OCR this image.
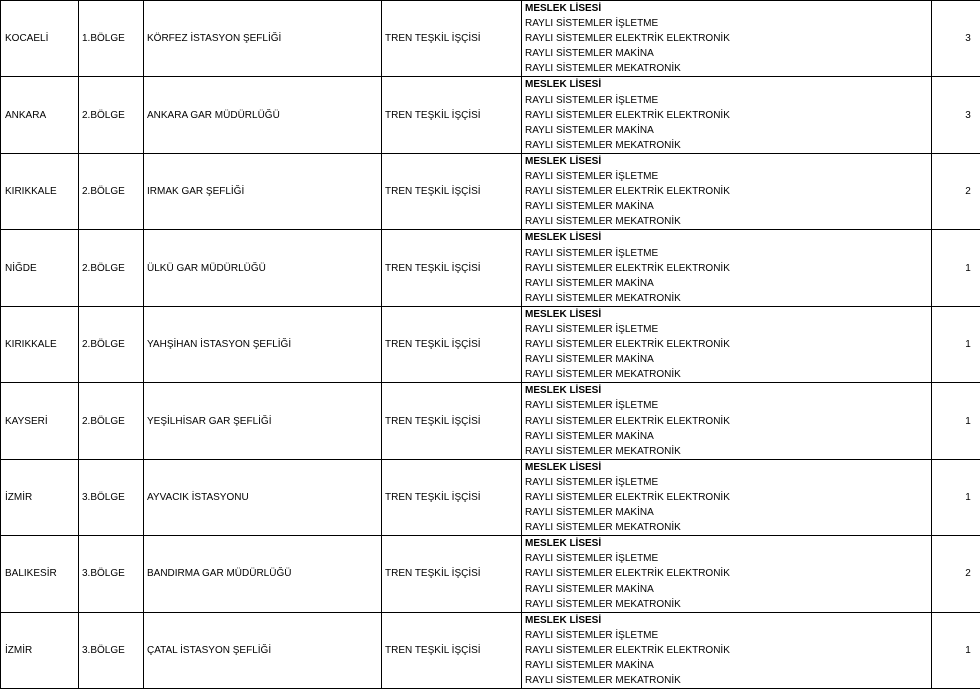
KOCAELİ	1.BÖLGE	KÖRFEZ İSTASYON ŞEFLİĞİ	TREN TEŞKİL İŞÇİSİ	MESLEK LİSESİ
RAYLI SİSTEMLER İŞLETME
RAYLI SİSTEMLER ELEKTRİK ELEKTRONİK
RAYLI SİSTEMLER MAKİNA
RAYLI SİSTEMLER MEKATRONİK	3
ANKARA	2.BÖLGE	ANKARA GAR MÜDÜRLÜĞÜ	TREN TEŞKİL İŞÇİSİ	MESLEK LİSESİ
RAYLI SİSTEMLER İŞLETME
RAYLI SİSTEMLER ELEKTRİK ELEKTRONİK
RAYLI SİSTEMLER MAKİNA
RAYLI SİSTEMLER MEKATRONİK	3
KIRIKKALE	2.BÖLGE	IRMAK GAR ŞEFLİĞİ	TREN TEŞKİL İŞÇİSİ	MESLEK LİSESİ
RAYLI SİSTEMLER İŞLETME
RAYLI SİSTEMLER ELEKTRİK ELEKTRONİK
RAYLI SİSTEMLER MAKİNA
RAYLI SİSTEMLER MEKATRONİK	2
NİĞDE	2.BÖLGE	ÜLKÜ GAR MÜDÜRLÜĞÜ	TREN TEŞKİL İŞÇİSİ	MESLEK LİSESİ
RAYLI SİSTEMLER İŞLETME
RAYLI SİSTEMLER ELEKTRİK ELEKTRONİK
RAYLI SİSTEMLER MAKİNA
RAYLI SİSTEMLER MEKATRONİK	1
KIRIKKALE	2.BÖLGE	YAHŞİHAN İSTASYON ŞEFLİĞİ	TREN TEŞKİL İŞÇİSİ	MESLEK LİSESİ
RAYLI SİSTEMLER İŞLETME
RAYLI SİSTEMLER ELEKTRİK ELEKTRONİK
RAYLI SİSTEMLER MAKİNA
RAYLI SİSTEMLER MEKATRONİK	1
KAYSERİ	2.BÖLGE	YEŞİLHİSAR GAR ŞEFLİĞİ	TREN TEŞKİL İŞÇİSİ	MESLEK LİSESİ
RAYLI SİSTEMLER İŞLETME
RAYLI SİSTEMLER ELEKTRİK ELEKTRONİK
RAYLI SİSTEMLER MAKİNA
RAYLI SİSTEMLER MEKATRONİK	1
İZMİR	3.BÖLGE	AYVACIK İSTASYONU	TREN TEŞKİL İŞÇİSİ	MESLEK LİSESİ
RAYLI SİSTEMLER İŞLETME
RAYLI SİSTEMLER ELEKTRİK ELEKTRONİK
RAYLI SİSTEMLER MAKİNA
RAYLI SİSTEMLER MEKATRONİK	1
BALIKESİR	3.BÖLGE	BANDIRMA GAR MÜDÜRLÜĞÜ	TREN TEŞKİL İŞÇİSİ	MESLEK LİSESİ
RAYLI SİSTEMLER İŞLETME
RAYLI SİSTEMLER ELEKTRİK ELEKTRONİK
RAYLI SİSTEMLER MAKİNA
RAYLI SİSTEMLER MEKATRONİK	2
İZMİR	3.BÖLGE	ÇATAL İSTASYON ŞEFLİĞİ	TREN TEŞKİL İŞÇİSİ	MESLEK LİSESİ
RAYLI SİSTEMLER İŞLETME
RAYLI SİSTEMLER ELEKTRİK ELEKTRONİK
RAYLI SİSTEMLER MAKİNA
RAYLI SİSTEMLER MEKATRONİK	1
